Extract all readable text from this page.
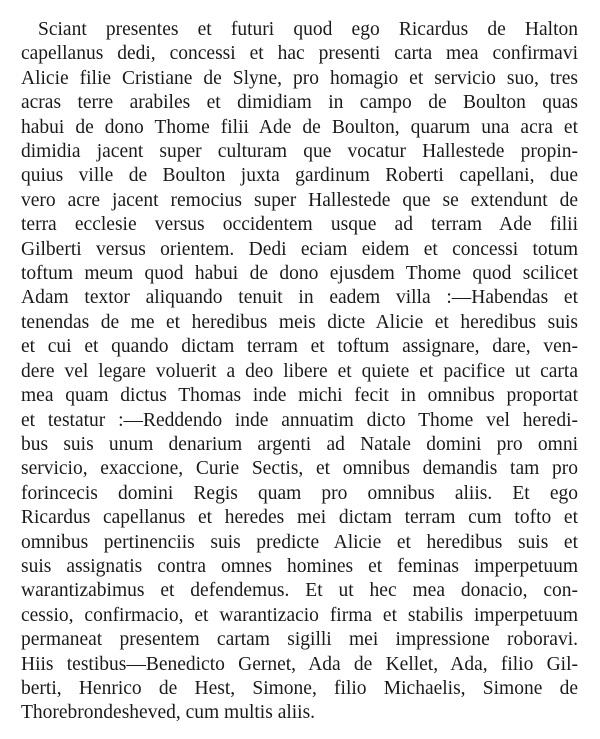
Sciant presentes et futuri quod ego Ricardus de Halton
capellanus dedi, concessi et hac presenti carta mea confirmavi
Alicie filie Cristiane de Slyne, pro homagio et servicio suo, tres
acras terre arabiles et dimidiam in campo de Boulton quas
habui de dono Thome filii Ade de Boulton, quarum una acra et
dimidia jacent super culturam que vocatur Hallestede propin-
quius ville de Boulton juxta gardinum Roberti capellani, due
vero acre jacent remocius super Hallestede que se extendunt de
terra ecclesie versus occidentem usque ad terram Ade filii
Gilberti versus orientem. Dedi eciam eidem et concessi totum
toftum meum quod habui de dono ejusdem Thome quod scilicet
Adam textor aliquando tenuit in eadem villa :—Habendas et
tenendas de me et heredibus meis dicte Alicie et heredibus suis
et cui et quando dictam terram et toftum assignare, dare, ven-
dere vel legare voluerit a deo libere et quiete et pacifice ut carta
mea quam dictus Thomas inde michi fecit in omnibus proportat
et testatur :—Reddendo inde annuatim dicto Thome vel heredi-
bus suis unum denarium argenti ad Natale domini pro omni
servicio, exaccione, Curie Sectis, et omnibus demandis tam pro
forincecis domini Regis quam pro omnibus aliis. Et ego
Ricardus capellanus et heredes mei dictam terram cum tofto et
omnibus pertinenciis suis predicte Alicie et heredibus suis et
suis assignatis contra omnes homines et feminas imperpetuum
warantizabimus et defendemus. Et ut hec mea donacio, con-
cessio, confirmacio, et warantizacio firma et stabilis imperpetuum
permaneat presentem cartam sigilli mei impressione roboravi.
Hiis testibus—Benedicto Gernet, Ada de Kellet, Ada, filio Gil-
berti, Henrico de Hest, Simone, filio Michaelis, Simone de
Thorebrondesheved, cum multis aliis.
